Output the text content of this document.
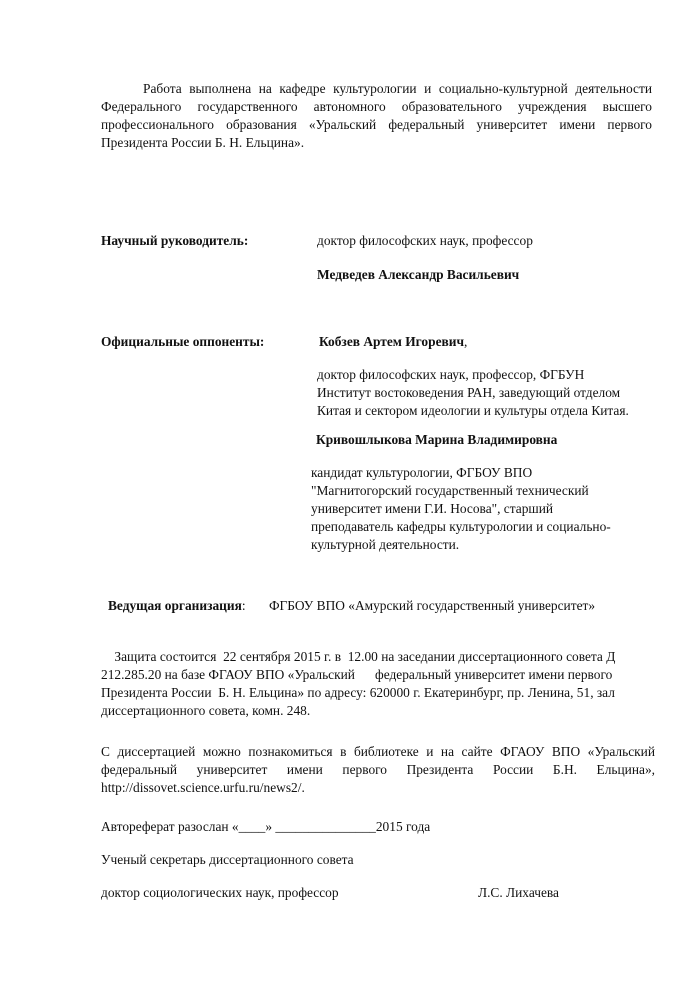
Работа выполнена на кафедре культурологии и социально-культурной деятельности Федерального государственного автономного образовательного учреждения высшего профессионального образования «Уральский федеральный университет имени первого Президента России Б. Н. Ельцина».
Научный руководитель:	доктор философских наук, профессор
Медведев Александр Васильевич
Официальные оппоненты:	Кобзев Артем Игоревич,
доктор философских наук, профессор, ФГБУН
Институт востоковедения РАН, заведующий отделом
Китая и сектором идеологии и культуры отдела Китая.
Кривошлыкова Марина Владимировна
кандидат культурологии, ФГБОУ ВПО
"Магнитогорский государственный технический
университет имени Г.И. Носова", старший
преподаватель кафедры культурологии и социально-
культурной деятельности.
Ведущая организация: ФГБОУ ВПО «Амурский государственный университет»

Защита состоится  22 сентября 2015 г. в  12.00 на заседании диссертационного совета Д 212.285.20 на базе ФГАОУ ВПО «Уральский      федеральный университет имени первого Президента России  Б. Н. Ельцина» по адресу: 620000 г. Екатеринбург, пр. Ленина, 51, зал диссертационного совета, комн. 248.

С диссертацией можно познакомиться в библиотеке и на сайте ФГАОУ ВПО «Уральский федеральный университет имени первого Президента России Б.Н. Ельцина», http://dissovet.science.urfu.ru/news2/.
Автореферат разослан «____» _______________2015 года
Ученый секретарь диссертационного совета
доктор социологических наук, профессор	Л.С. Лихачева
